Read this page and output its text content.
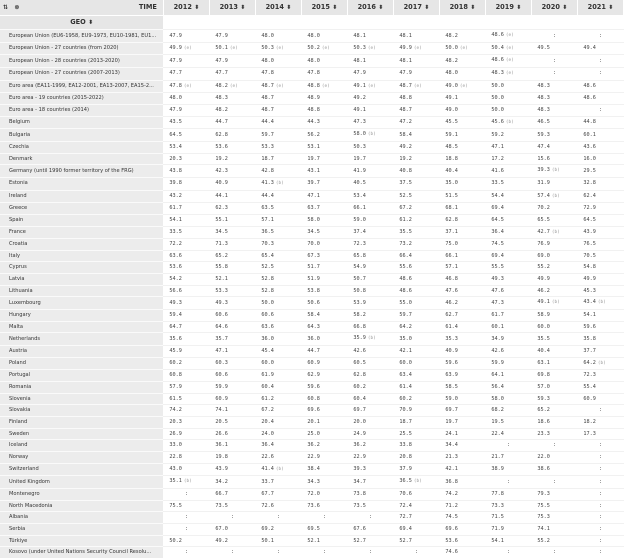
⇅ ⊗ TIME	2012 ⬍	2013 ⬍	2014 ⬍	2015 ⬍	2016 ⬍	2017 ⬍	2018 ⬍	2019 ⬍	2020 ⬍	2021 ⬍
GEO ⬍										
European Union (EU6-1958, EU9-1973, EU10-1981, EU1...	47.9	47.9	48.0	48.0	48.1	48.1	48.2	48.6 (e)	:	:
European Union - 27 countries (from 2020)	49.9 (e)	50.1 (e)	50.3 (e)	50.2 (e)	50.3 (e)	49.9 (e)	50.0 (e)	50.4 (e)	49.5	49.4
European Union - 28 countries (2013-2020)	47.9	47.9	48.0	48.0	48.1	48.1	48.2	48.6 (e)	:	:
European Union - 27 countries (2007-2013)	47.7	47.7	47.8	47.8	47.9	47.9	48.0	48.3 (e)	:	:
Euro area (EA11-1999, EA12-2001, EA13-2007, EA15-2...	47.8 (e)	48.2 (e)	48.7 (e)	48.8 (e)	49.1 (e)	48.7 (e)	49.0 (e)	50.0	48.3	48.6
Euro area - 19 countries (2015-2022)	48.0	48.3	48.7	48.9	49.2	48.8	49.1	50.0	48.3	48.6
Euro area - 18 countries (2014)	47.9	48.2	48.7	48.8	49.1	48.7	49.0	50.0	48.3	:
Belgium	43.5	44.7	44.4	44.3	47.3	47.2	45.5	45.6 (b)	46.5	44.8
Bulgaria	64.5	62.8	59.7	56.2	58.0 (b)	58.4	59.1	59.2	59.3	60.1
Czechia	53.4	53.6	53.3	53.1	50.3	49.2	48.5	47.1	47.4	43.6
Denmark	20.3	19.2	18.7	19.7	19.7	19.2	18.8	17.2	15.6	16.0
Germany (until 1990 former territory of the FRG)	43.8	42.3	42.8	43.1	41.9	40.8	40.4	41.6	39.3 (b)	29.5
Estonia	39.8	40.9	41.3 (b)	39.7	40.5	37.5	35.0	33.5	31.9	32.8
Ireland	43.2	44.1	44.4	47.1	53.4	52.5	51.5	54.4	57.4 (b)	62.4
Greece	61.7	62.3	63.5	63.7	66.1	67.2	68.1	69.4	70.2	72.9
Spain	54.1	55.1	57.1	58.0	59.0	61.2	62.8	64.5	65.5	64.5
France	33.5	34.5	36.5	34.5	37.4	35.5	37.1	36.4	42.7 (b)	43.9
Croatia	72.2	71.3	70.3	70.0	72.3	73.2	75.0	74.5	76.9	76.5
Italy	63.6	65.2	65.4	67.3	65.8	66.4	66.1	69.4	69.0	70.5
Cyprus	53.6	55.8	52.5	51.7	54.9	55.6	57.1	55.5	55.2	54.8
Latvia	54.2	52.1	52.8	51.9	50.7	48.6	46.8	49.3	49.9	49.9
Lithuania	56.6	53.3	52.8	53.8	50.8	48.6	47.6	47.6	46.2	45.3
Luxembourg	49.3	49.3	50.0	50.6	53.9	55.0	46.2	47.3	49.1 (b)	43.4 (b)
Hungary	59.4	60.6	60.6	58.4	58.2	59.7	62.7	61.7	58.9	54.1
Malta	64.7	64.6	63.6	64.3	66.8	64.2	61.4	60.1	60.0	59.6
Netherlands	35.6	35.7	36.0	36.0	35.9 (b)	35.0	35.3	34.9	35.5	35.8
Austria	45.9	47.1	45.4	44.7	42.6	42.1	40.9	42.6	40.4	37.7
Poland	60.2	60.3	60.0	60.9	60.5	60.0	59.6	59.9	63.1	64.2 (b)
Portugal	60.8	60.6	61.9	62.9	62.8	63.4	63.9	64.1	69.8	72.3
Romania	57.9	59.9	60.4	59.6	60.2	61.4	58.5	56.4	57.0	55.4
Slovenia	61.5	60.9	61.2	60.8	60.4	60.2	59.0	58.0	59.3	60.9
Slovakia	74.2	74.1	67.2	69.6	69.7	70.9	69.7	68.2	65.2	:
Finland	20.3	20.5	20.4	20.1	20.0	18.7	19.7	19.5	18.6	18.2
Sweden	26.9	26.6	24.0	25.0	24.9	25.5	24.1	22.4	23.3	17.3
Iceland	33.0	36.1	36.4	36.2	36.2	33.8	34.4	:	:	:
Norway	22.8	19.8	22.6	22.9	22.9	20.8	21.3	21.7	22.0	:
Switzerland	43.0	43.9	41.4 (b)	38.4	39.3	37.9	42.1	38.9	38.6	:
United Kingdom	35.1 (b)	34.2	33.7	34.3	34.7	36.5 (b)	36.8	:	:	:
Montenegro	:	66.7	67.7	72.0	73.8	70.6	74.2	77.8	79.3	:
North Macedonia	75.5	73.5	72.6	73.6	73.5	72.4	71.2	73.3	75.5	:
Albania	:	:	:	:	:	72.7	74.5	71.5	75.3	:
Serbia	:	67.0	69.2	69.5	67.6	69.4	69.6	71.9	74.1	:
Türkiye	50.2	49.2	50.1	52.1	52.7	52.7	53.6	54.1	55.2	:
Kosovo (under United Nations Security Council Resolu...	:	:	:	:	:	:	74.6	:	:	:
